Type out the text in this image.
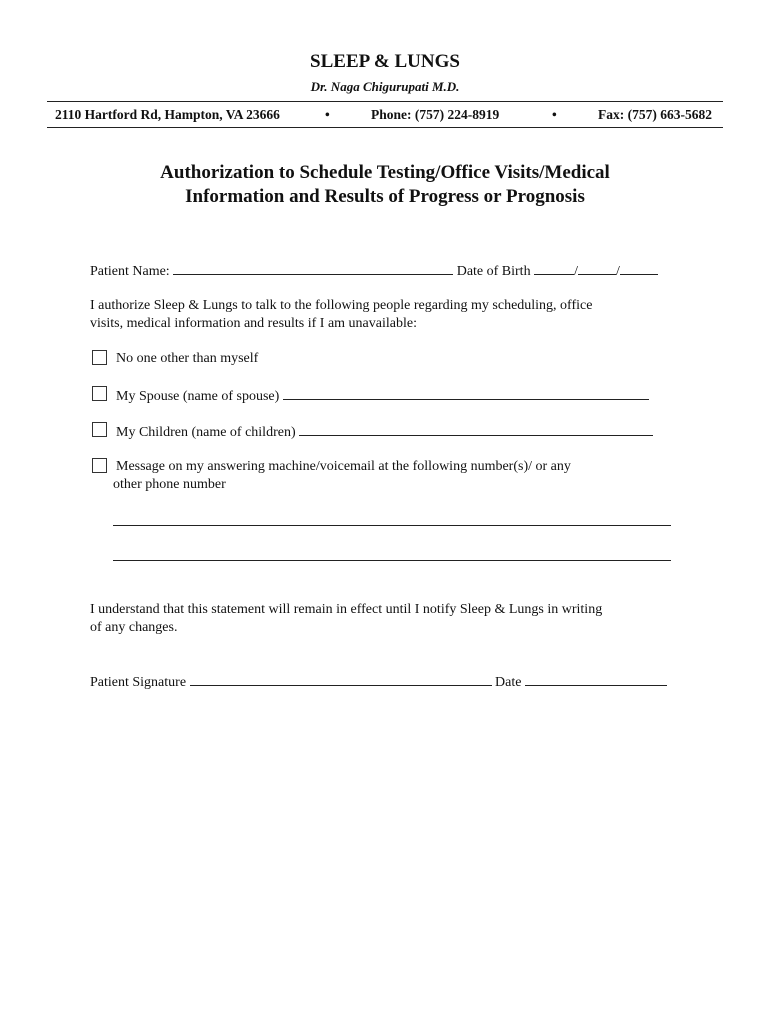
SLEEP & LUNGS
Dr. Naga Chigurupati M.D.
2110 Hartford Rd, Hampton, VA 23666	•	Phone: (757) 224-8919	•	Fax: (757) 663-5682
Authorization to Schedule Testing/Office Visits/Medical
Information and Results of Progress or Prognosis
Patient Name:	Date of Birth	/	/
I authorize Sleep & Lungs to talk to the following people regarding my scheduling, office
visits, medical information and results if I am unavailable:
No one other than myself
My Spouse (name of spouse)
My Children (name of children)
Message on my answering machine/voicemail at the following number(s)/ or any
other phone number
I understand that this statement will remain in effect until I notify Sleep & Lungs in writing
of any changes.
Patient Signature	Date
